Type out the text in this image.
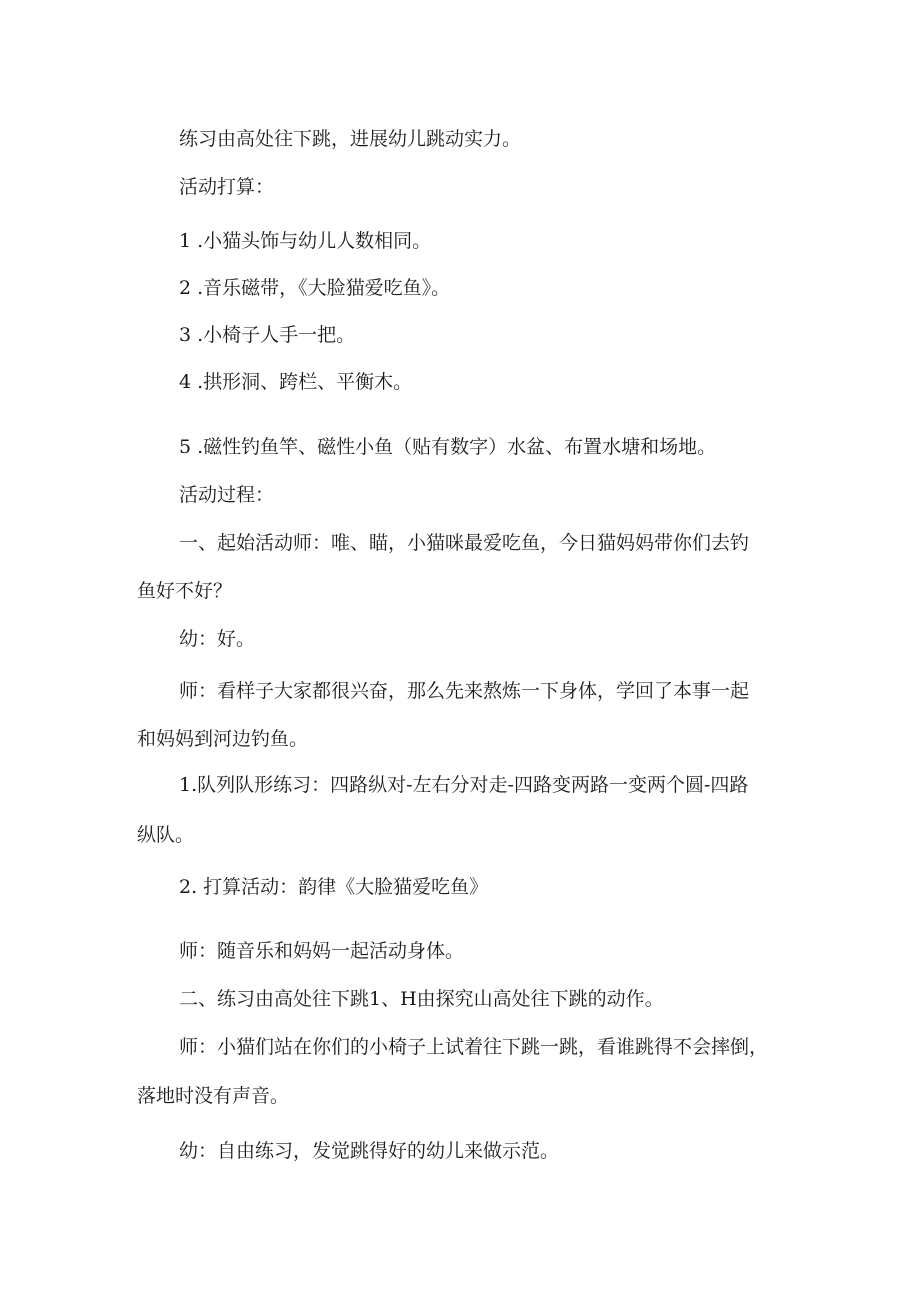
练习由高处往下跳，进展幼儿跳动实力。
活动打算：
1 .小猫头饰与幼儿人数相同。
2 .音乐磁带，《大脸猫爱吃鱼》。
3 .小椅子人手一把。
4 .拱形洞、跨栏、平衡木。
5 .磁性钓鱼竿、磁性小鱼（贴有数字）水盆、布置水塘和场地。
活动过程：
一、起始活动师：唯、瞄，小猫咪最爱吃鱼，今日猫妈妈带你们去钓
鱼好不好？
幼：好。
师：看样子大家都很兴奋，那么先来熬炼一下身体，学回了本事一起
和妈妈到河边钓鱼。
1.队列队形练习：四路纵对-左右分对走-四路变两路一变两个圆-四路
纵队。
2. 打算活动：韵律《大脸猫爱吃鱼》
师：随音乐和妈妈一起活动身体。
二、练习由高处往下跳1、H由探究山高处往下跳的动作。
师：小猫们站在你们的小椅子上试着往下跳一跳，看谁跳得不会摔倒，
落地时没有声音。
幼：自由练习，发觉跳得好的幼儿来做示范。
